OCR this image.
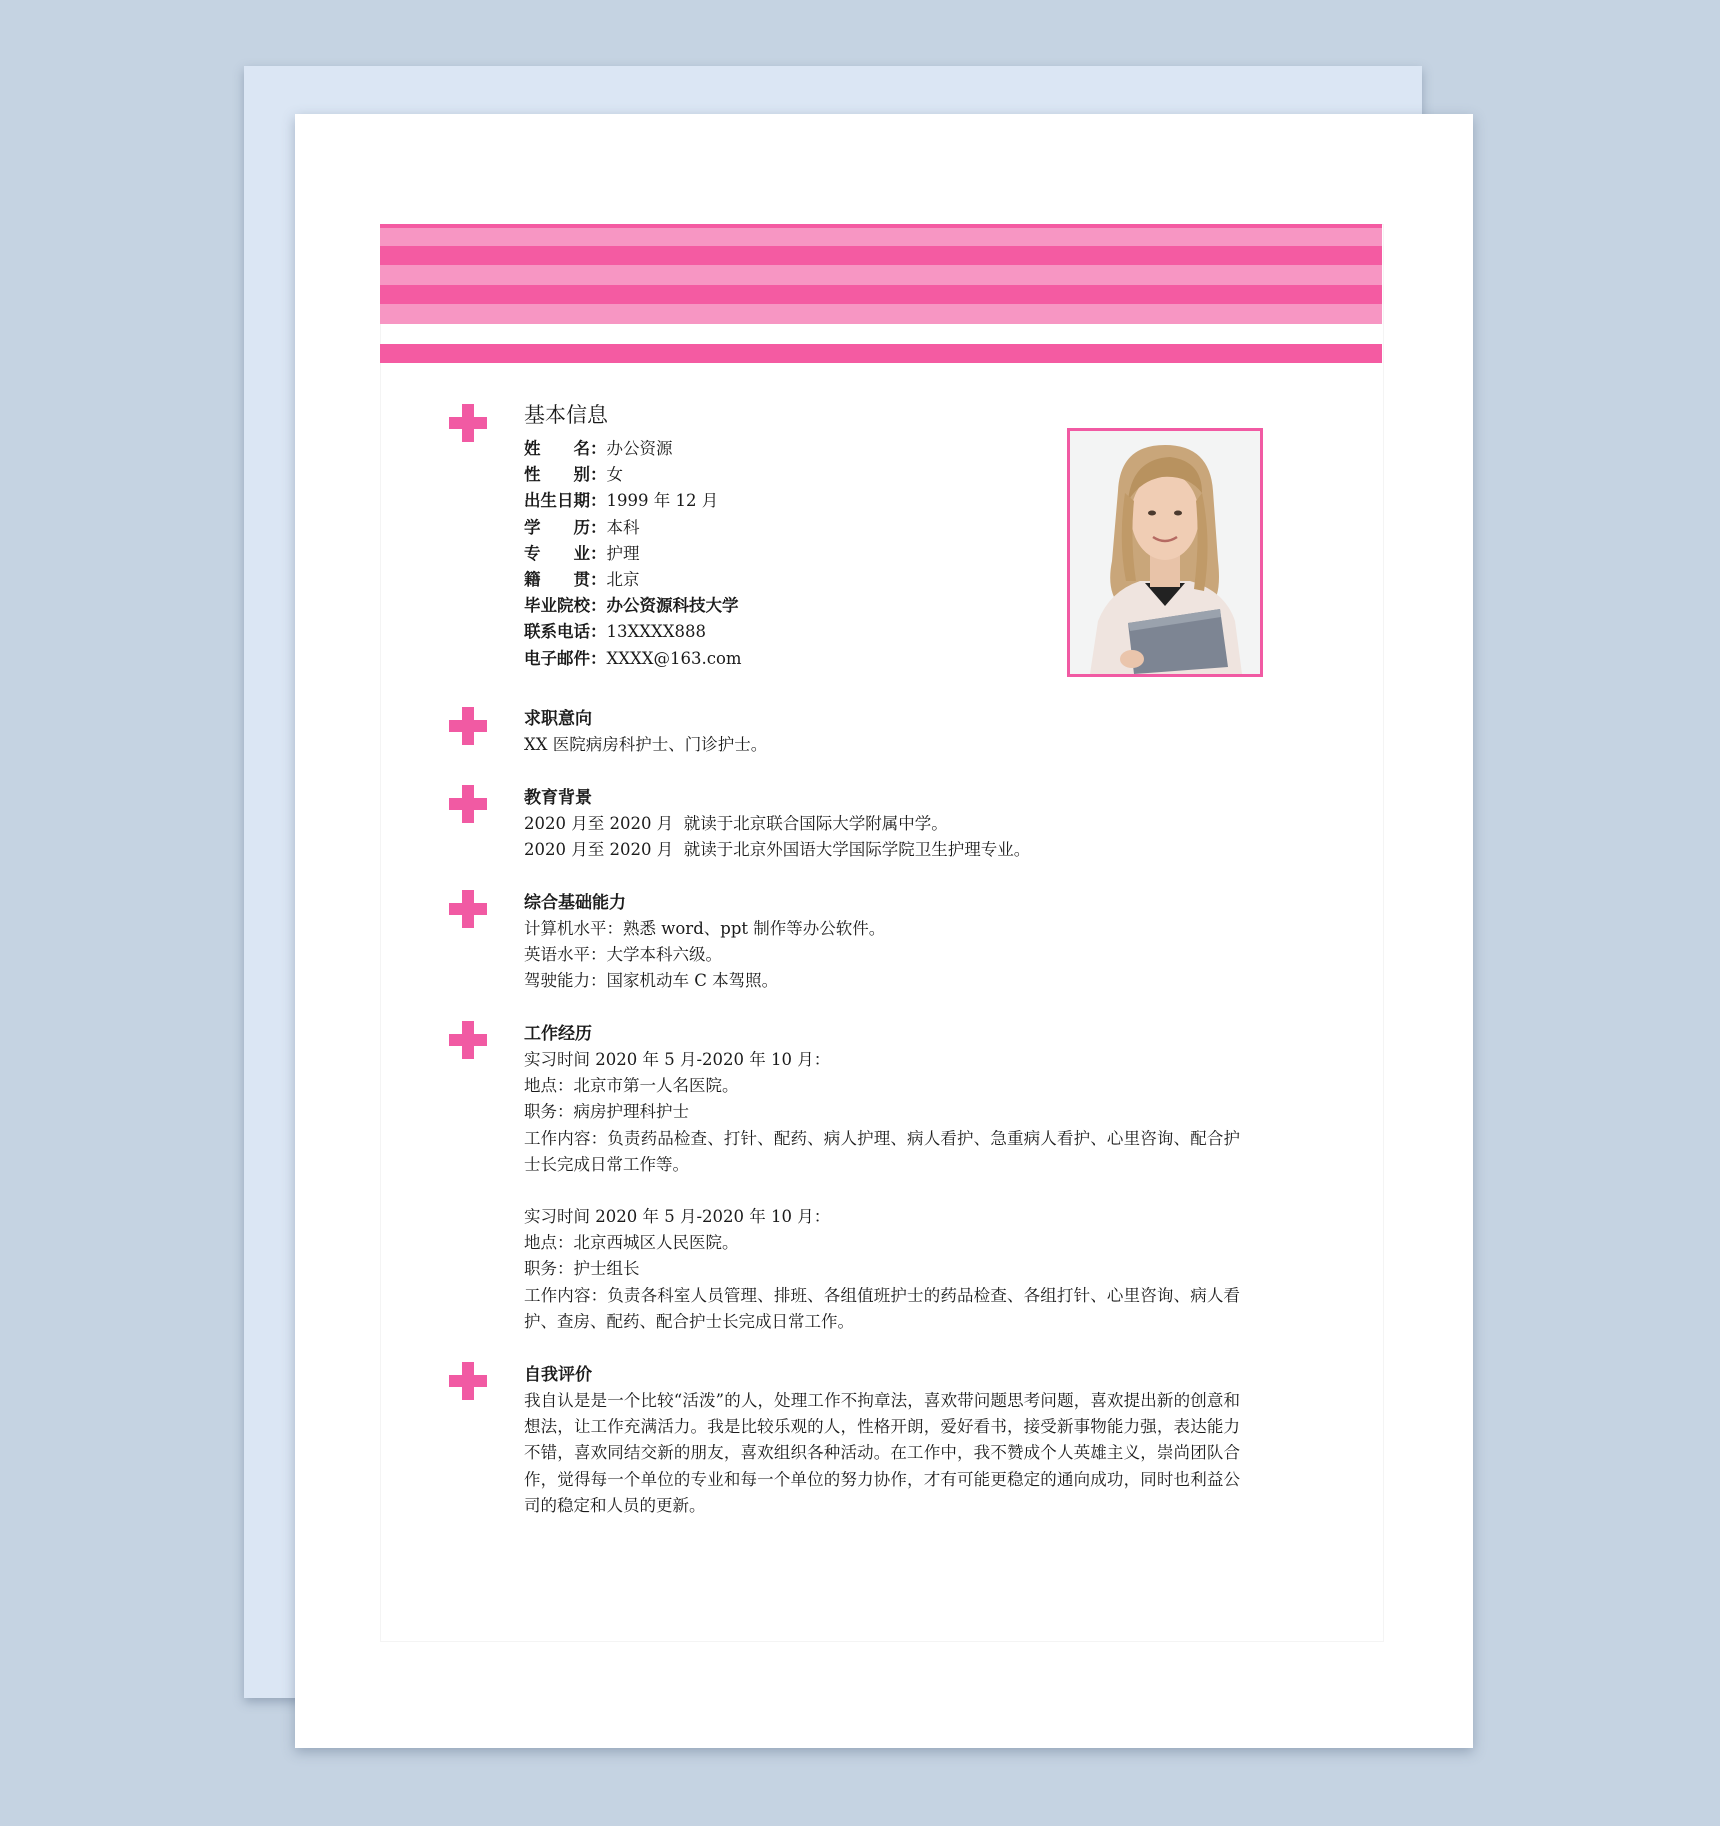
基本信息
姓　　名： 办公资源
性　　别： 女
出生日期： 1999 年 12 月
学　　历： 本科
专　　业： 护理
籍　　贯： 北京
毕业院校： 办公资源科技大学
联系电话： 13XXXX888
电子邮件： XXXX@163.com
求职意向
XX 医院病房科护士、门诊护士。
教育背景
2020 月至 2020 月  就读于北京联合国际大学附属中学。
2020 月至 2020 月  就读于北京外国语大学国际学院卫生护理专业。
综合基础能力
计算机水平：熟悉 word、ppt 制作等办公软件。
英语水平：大学本科六级。
驾驶能力：国家机动车 C 本驾照。
工作经历
实习时间 2020 年 5 月-2020 年 10 月：
地点：北京市第一人名医院。
职务：病房护理科护士
工作内容：负责药品检查、打针、配药、病人护理、病人看护、急重病人看护、心里咨询、配合护士长完成日常工作等。
实习时间 2020 年 5 月-2020 年 10 月：
地点：北京西城区人民医院。
职务：护士组长
工作内容：负责各科室人员管理、排班、各组值班护士的药品检查、各组打针、心里咨询、病人看护、查房、配药、配合护士长完成日常工作。
自我评价
我自认是是一个比较“活泼”的人，处理工作不拘章法，喜欢带问题思考问题，喜欢提出新的创意和想法，让工作充满活力。我是比较乐观的人，性格开朗，爱好看书，接受新事物能力强，表达能力不错，喜欢同结交新的朋友，喜欢组织各种活动。在工作中，我不赞成个人英雄主义，崇尚团队合作，觉得每一个单位的专业和每一个单位的努力协作，才有可能更稳定的通向成功，同时也利益公司的稳定和人员的更新。
